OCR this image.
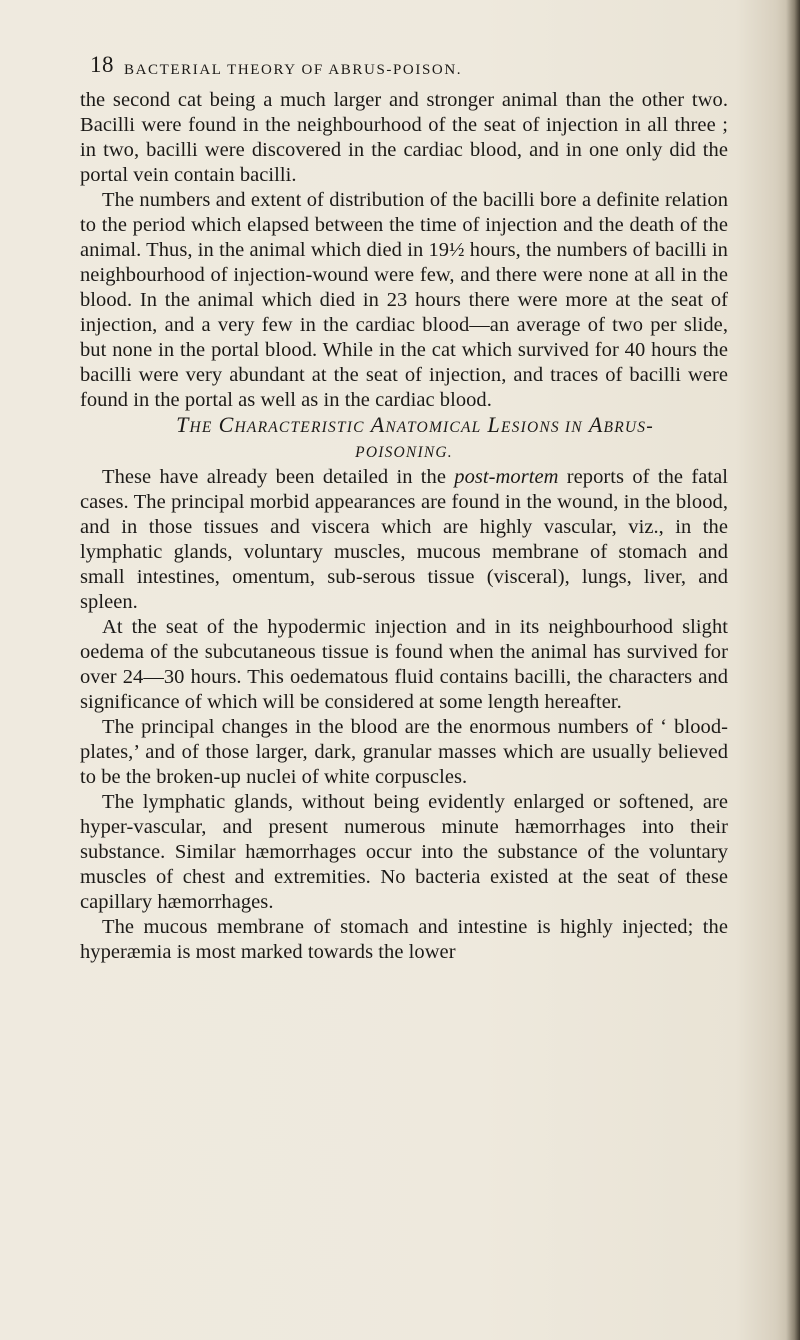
18 BACTERIAL THEORY OF ABRUS-POISON.

the second cat being a much larger and stronger animal than the other two. Bacilli were found in the neighbourhood of the seat of injection in all three ; in two, bacilli were discovered in the cardiac blood, and in one only did the portal vein contain bacilli.

The numbers and extent of distribution of the bacilli bore a definite relation to the period which elapsed between the time of injection and the death of the animal. Thus, in the animal which died in 19½ hours, the numbers of bacilli in neighbourhood of injection-wound were few, and there were none at all in the blood. In the animal which died in 23 hours there were more at the seat of injection, and a very few in the cardiac blood—an average of two per slide, but none in the portal blood. While in the cat which survived for 40 hours the bacilli were very abundant at the seat of injection, and traces of bacilli were found in the portal as well as in the cardiac blood.

THE CHARACTERISTIC ANATOMICAL LESIONS IN ABRUS-
POISONING.

These have already been detailed in the post-mortem reports of the fatal cases. The principal morbid appearances are found in the wound, in the blood, and in those tissues and viscera which are highly vascular, viz., in the lymphatic glands, voluntary muscles, mucous membrane of stomach and small intestines, omentum, sub-serous tissue (visceral), lungs, liver, and spleen.

At the seat of the hypodermic injection and in its neighbourhood slight oedema of the subcutaneous tissue is found when the animal has survived for over 24—30 hours. This oedematous fluid contains bacilli, the characters and significance of which will be considered at some length hereafter.

The principal changes in the blood are the enormous numbers of ‘ blood-plates,’ and of those larger, dark, granular masses which are usually believed to be the broken-up nuclei of white corpuscles.

The lymphatic glands, without being evidently enlarged or softened, are hyper-vascular, and present numerous minute hæmorrhages into their substance. Similar hæmorrhages occur into the substance of the voluntary muscles of chest and extremities. No bacteria existed at the seat of these capillary hæmorrhages.

The mucous membrane of stomach and intestine is highly injected; the hyperæmia is most marked towards the lower
